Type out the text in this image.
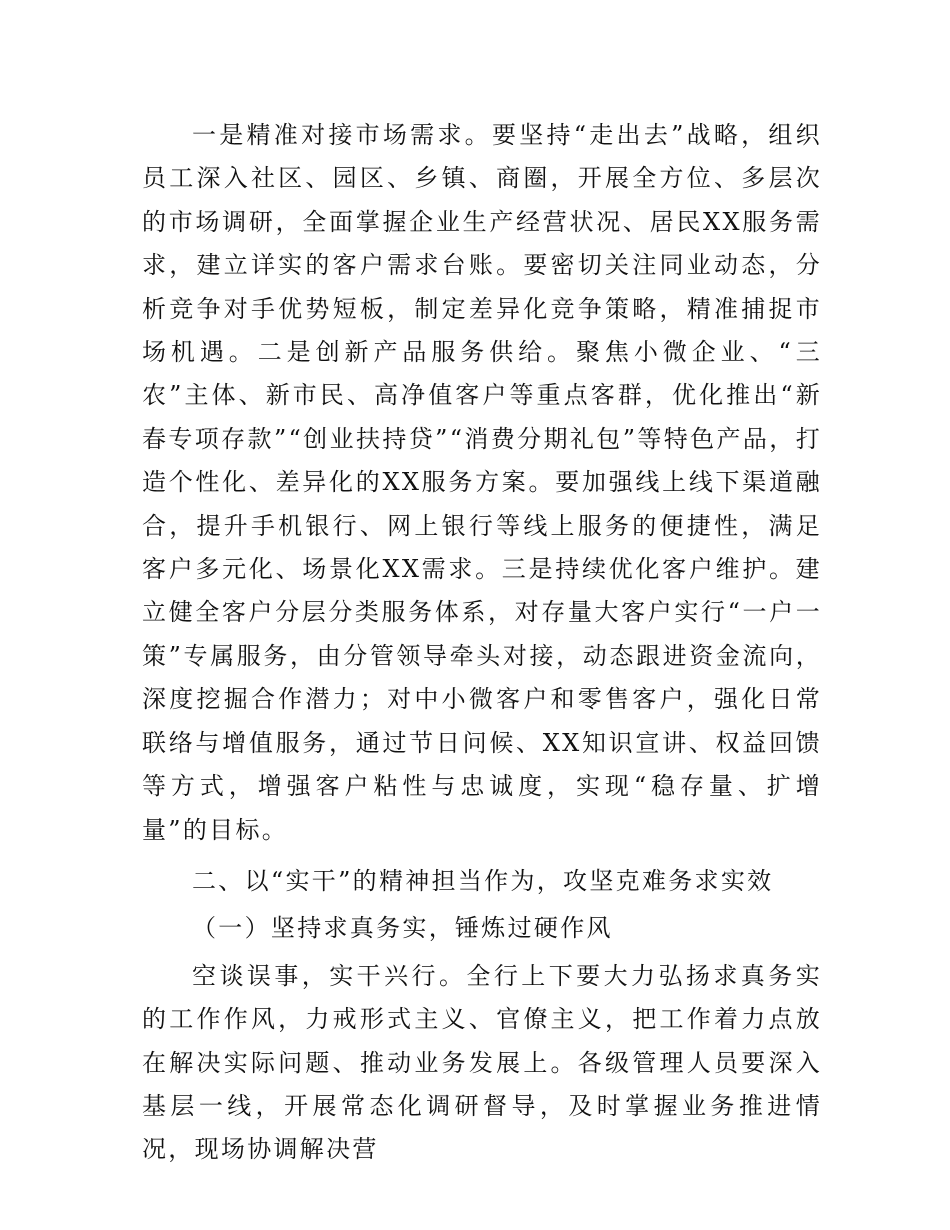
一是精准对接市场需求。要坚持“走出去”战略，组织员工深入社区、园区、乡镇、商圈，开展全方位、多层次的市场调研，全面掌握企业生产经营状况、居民XX服务需求，建立详实的客户需求台账。要密切关注同业动态，分析竞争对手优势短板，制定差异化竞争策略，精准捕捉市场机遇。二是创新产品服务供给。聚焦小微企业、“三农”主体、新市民、高净值客户等重点客群，优化推出“新春专项存款”“创业扶持贷”“消费分期礼包”等特色产品，打造个性化、差异化的XX服务方案。要加强线上线下渠道融合，提升手机银行、网上银行等线上服务的便捷性，满足客户多元化、场景化XX需求。三是持续优化客户维护。建立健全客户分层分类服务体系，对存量大客户实行“一户一策”专属服务，由分管领导牵头对接，动态跟进资金流向，深度挖掘合作潜力；对中小微客户和零售客户，强化日常联络与增值服务，通过节日问候、XX知识宣讲、权益回馈等方式，增强客户粘性与忠诚度，实现“稳存量、扩增量”的目标。

二、以“实干”的精神担当作为，攻坚克难务求实效

（一）坚持求真务实，锤炼过硬作风

空谈误事，实干兴行。全行上下要大力弘扬求真务实的工作作风，力戒形式主义、官僚主义，把工作着力点放在解决实际问题、推动业务发展上。各级管理人员要深入基层一线，开展常态化调研督导，及时掌握业务推进情况，现场协调解决营
